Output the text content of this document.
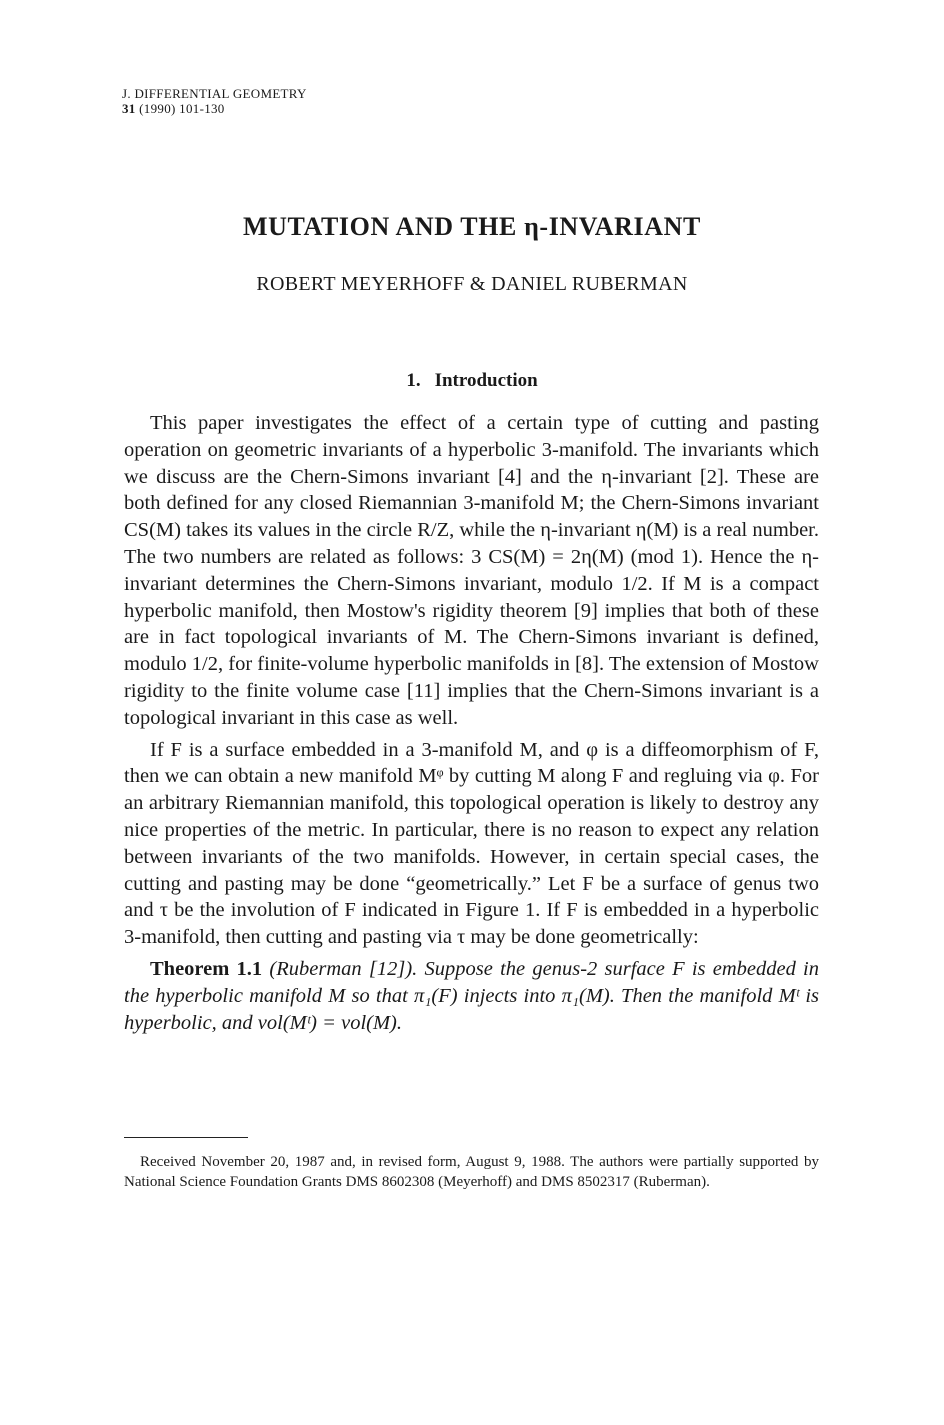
J. DIFFERENTIAL GEOMETRY
31 (1990) 101-130
MUTATION AND THE η-INVARIANT
ROBERT MEYERHOFF & DANIEL RUBERMAN
1. Introduction

This paper investigates the effect of a certain type of cutting and pasting operation on geometric invariants of a hyperbolic 3-manifold. The invariants which we discuss are the Chern-Simons invariant [4] and the η-invariant [2]. These are both defined for any closed Riemannian 3-manifold M; the Chern-Simons invariant CS(M) takes its values in the circle R/Z, while the η-invariant η(M) is a real number. The two numbers are related as follows: 3 CS(M) = 2η(M) (mod 1). Hence the η-invariant determines the Chern-Simons invariant, modulo 1/2. If M is a compact hyperbolic manifold, then Mostow's rigidity theorem [9] implies that both of these are in fact topological invariants of M. The Chern-Simons invariant is defined, modulo 1/2, for finite-volume hyperbolic manifolds in [8]. The extension of Mostow rigidity to the finite volume case [11] implies that the Chern-Simons invariant is a topological invariant in this case as well.

If F is a surface embedded in a 3-manifold M, and φ is a diffeomorphism of F, then we can obtain a new manifold Mᵠ by cutting M along F and regluing via φ. For an arbitrary Riemannian manifold, this topological operation is likely to destroy any nice properties of the metric. In particular, there is no reason to expect any relation between invariants of the two manifolds. However, in certain special cases, the cutting and pasting may be done “geometrically.” Let F be a surface of genus two and τ be the involution of F indicated in Figure 1. If F is embedded in a hyperbolic 3-manifold, then cutting and pasting via τ may be done geometrically:

Theorem 1.1 (Ruberman [12]). Suppose the genus-2 surface F is embedded in the hyperbolic manifold M so that π₁(F) injects into π₁(M). Then the manifold Mᵗ is hyperbolic, and vol(Mᵗ) = vol(M).

Received November 20, 1987 and, in revised form, August 9, 1988. The authors were partially supported by National Science Foundation Grants DMS 8602308 (Meyerhoff) and DMS 8502317 (Ruberman).
